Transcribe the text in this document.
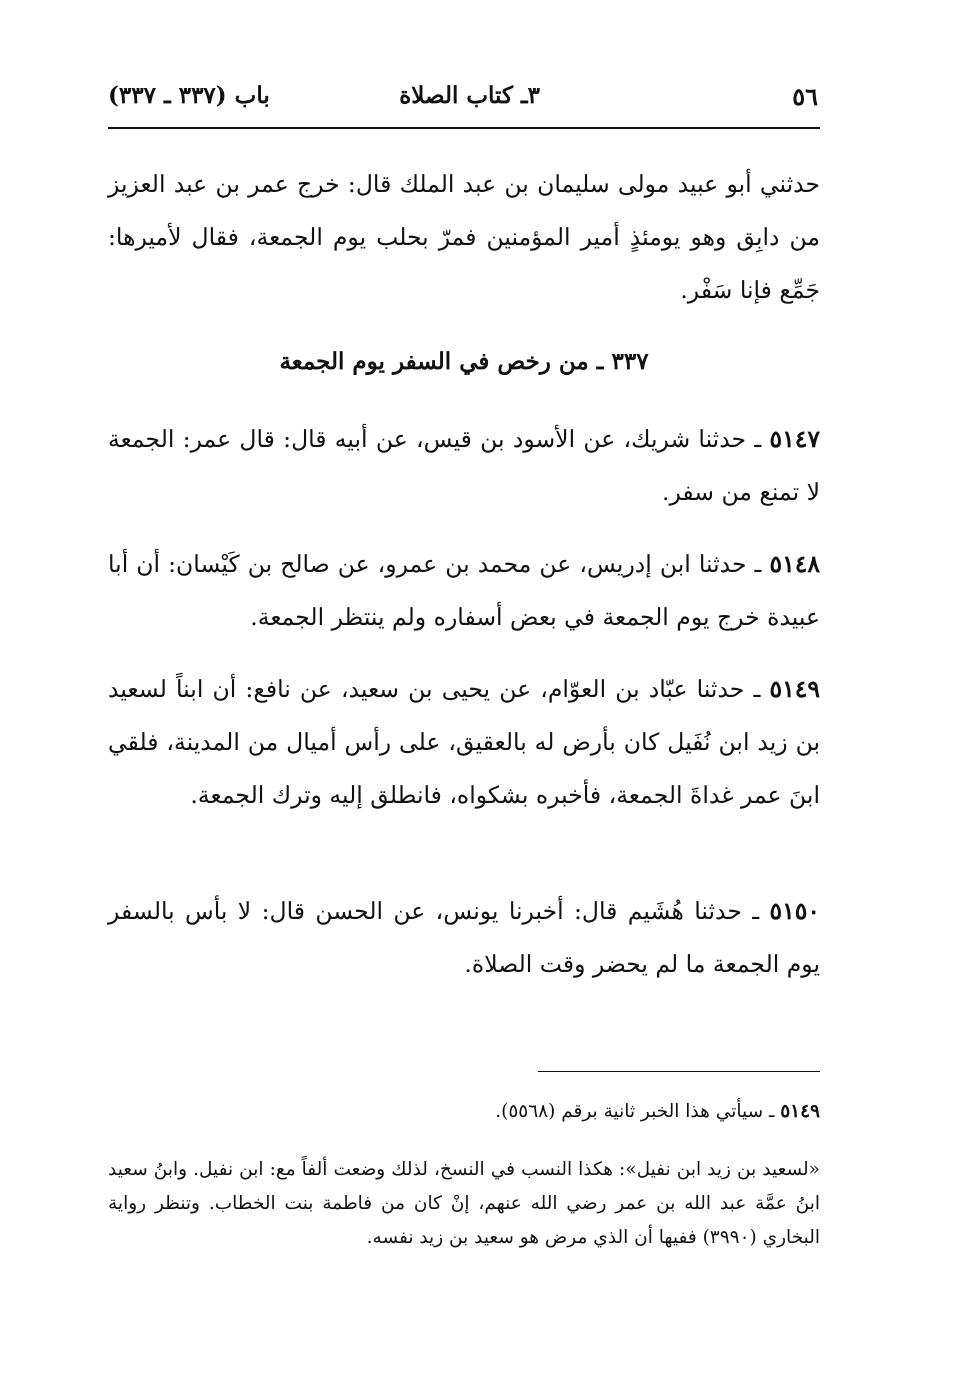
٥٦
٣ـ كتاب الصلاة
باب (٣٣٧ ـ ٣٣٧)
حدثني أبو عبيد مولى سليمان بن عبد الملك قال: خرج عمر بن عبد العزيز من دابِق وهو يومئذٍ أمير المؤمنين فمرّ بحلب يوم الجمعة، فقال لأميرها: جَمِّع فإنا سَفْر.
٣٣٧ ـ من رخص في السفر يوم الجمعة
٥١٤٧ ـ حدثنا شريك، عن الأسود بن قيس، عن أبيه قال: قال عمر: الجمعة لا تمنع من سفر.
٥١٤٨ ـ حدثنا ابن إدريس، عن محمد بن عمرو، عن صالح بن كَيْسان: أن أبا عبيدة خرج يوم الجمعة في بعض أسفاره ولم ينتظر الجمعة.
٥١٤٩ ـ حدثنا عبّاد بن العوّام، عن يحيى بن سعيد، عن نافع: أن ابناً لسعيد بن زيد ابن نُفَيل كان بأرض له بالعقيق، على رأس أميال من المدينة، فلقي ابنَ عمر غداةَ الجمعة، فأخبره بشكواه، فانطلق إليه وترك الجمعة.
٥١٥٠ ـ حدثنا هُشَيم قال: أخبرنا يونس، عن الحسن قال: لا بأس بالسفر يوم الجمعة ما لم يحضر وقت الصلاة.
٥١٤٩ ـ سيأتي هذا الخبر ثانية برقم (٥٥٦٨).
«لسعيد بن زيد ابن نفيل»: هكذا النسب في النسخ، لذلك وضعت ألفاً مع: ابن نفيل. وابنُ سعيد ابنُ عمَّة عبد الله بن عمر رضي الله عنهم، إنْ كان من فاطمة بنت الخطاب. وتنظر رواية البخاري (٣٩٩٠) ففيها أن الذي مرض هو سعيد بن زيد نفسه.
